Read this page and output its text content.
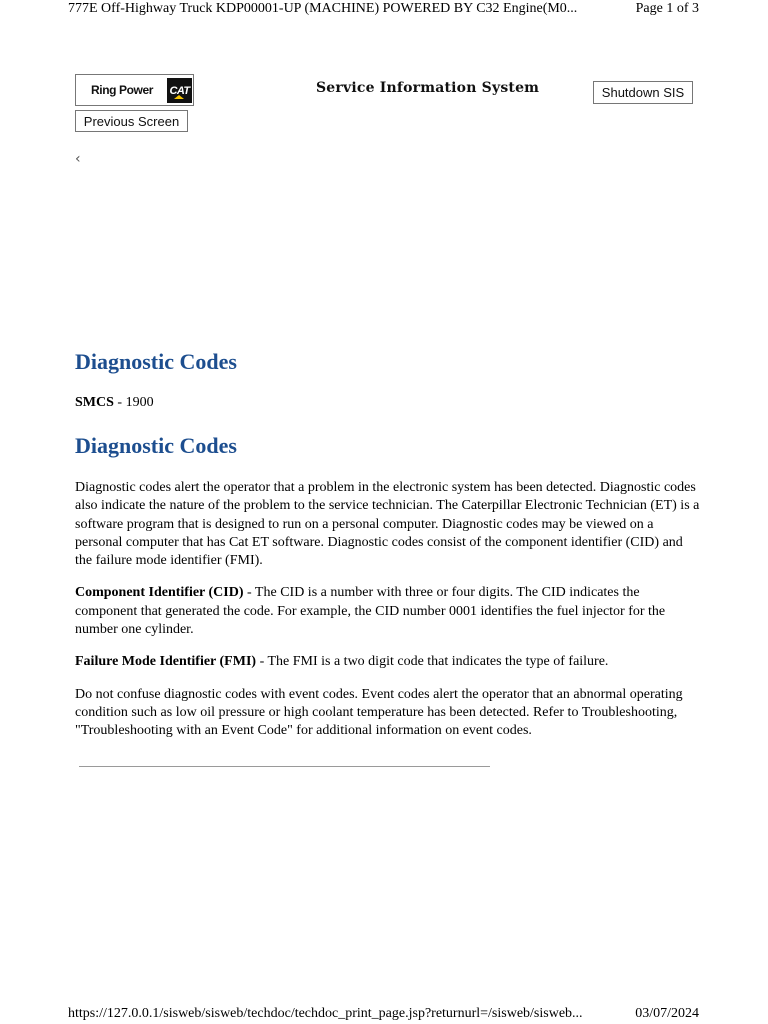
777E Off-Highway Truck KDP00001-UP (MACHINE) POWERED BY C32 Engine(M0...	Page 1 of 3
Ring Power CAT	Service Information System	Shutdown SIS
Previous Screen
‹
Diagnostic Codes
SMCS - 1900
Diagnostic Codes

Diagnostic codes alert the operator that a problem in the electronic system has been detected. Diagnostic codes also indicate the nature of the problem to the service technician. The Caterpillar Electronic Technician (ET) is a software program that is designed to run on a personal computer. Diagnostic codes may be viewed on a personal computer that has Cat ET software. Diagnostic codes consist of the component identifier (CID) and the failure mode identifier (FMI).

Component Identifier (CID) - The CID is a number with three or four digits. The CID indicates the component that generated the code. For example, the CID number 0001 identifies the fuel injector for the number one cylinder.

Failure Mode Identifier (FMI) - The FMI is a two digit code that indicates the type of failure.

Do not confuse diagnostic codes with event codes. Event codes alert the operator that an abnormal operating condition such as low oil pressure or high coolant temperature has been detected. Refer to Troubleshooting, "Troubleshooting with an Event Code" for additional information on event codes.

https://127.0.0.1/sisweb/sisweb/techdoc/techdoc_print_page.jsp?returnurl=/sisweb/sisweb...	03/07/2024
